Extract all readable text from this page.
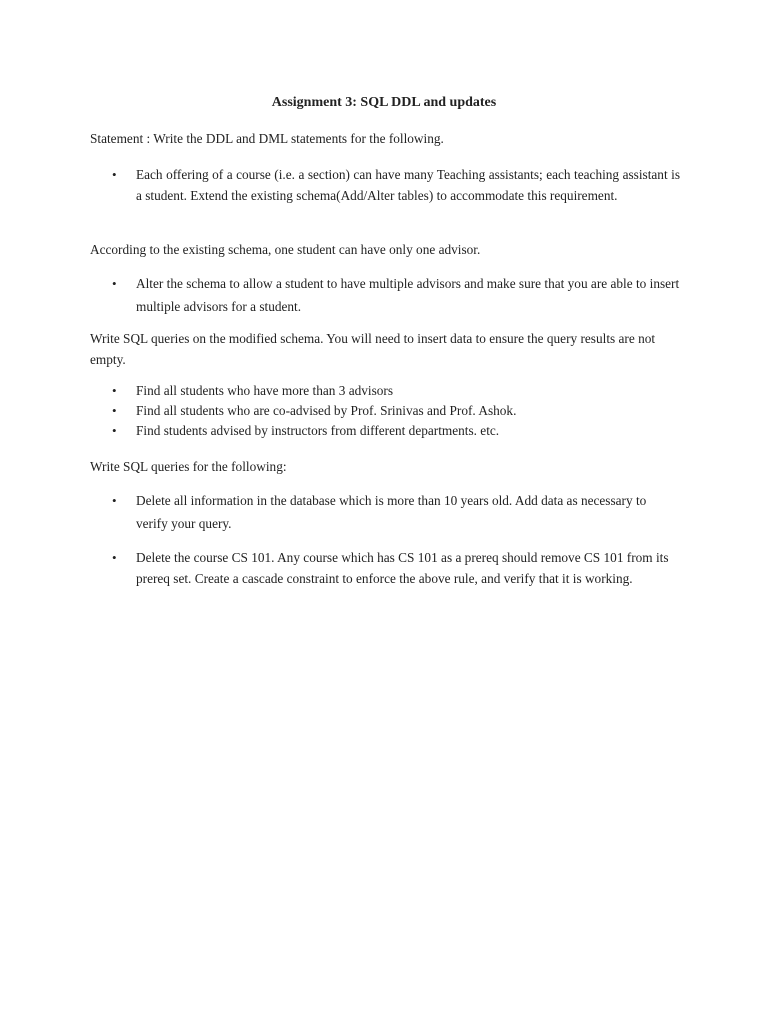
Assignment 3: SQL DDL and updates

Statement : Write the DDL and DML statements for the following.

• Each offering of a course (i.e. a section) can have many Teaching assistants; each teaching assistant is a student. Extend the existing schema(Add/Alter tables) to accommodate this requirement.

According to the existing schema, one student can have only one advisor.

• Alter the schema to allow a student to have multiple advisors and make sure that you are able to insert multiple advisors for a student.

Write SQL queries on the modified schema. You will need to insert data to ensure the query results are not empty.

• Find all students who have more than 3 advisors
• Find all students who are co-advised by Prof. Srinivas and Prof. Ashok.
• Find students advised by instructors from different departments. etc.

Write SQL queries for the following:

• Delete all information in the database which is more than 10 years old. Add data as necessary to verify your query.
• Delete the course CS 101. Any course which has CS 101 as a prereq should remove CS 101 from its prereq set. Create a cascade constraint to enforce the above rule, and verify that it is working.
